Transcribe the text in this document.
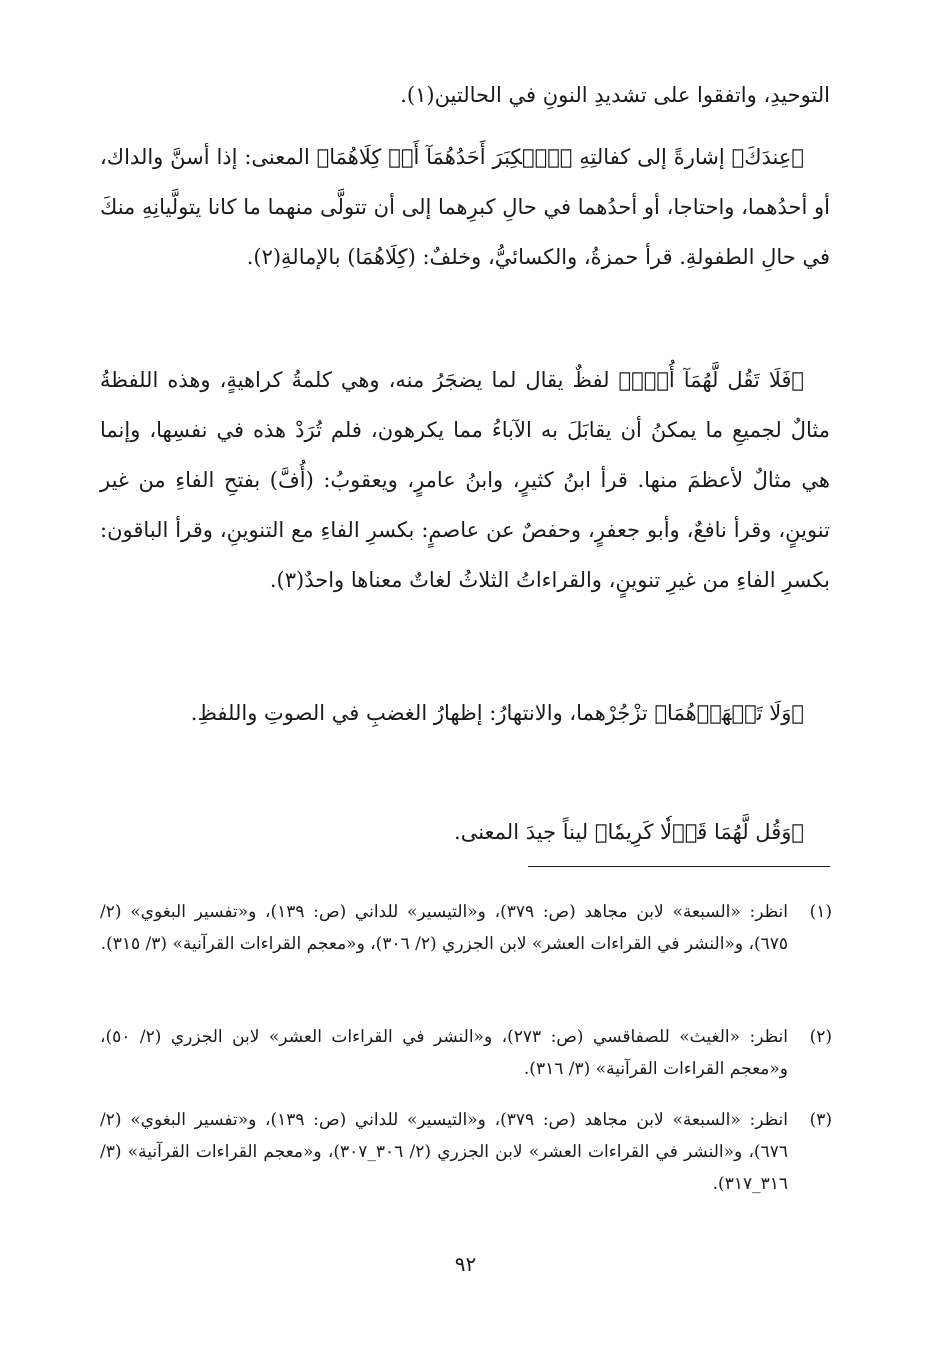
التوحيدِ، واتفقوا على تشديدِ النونِ في الحالتين(١).

﴿عِندَكَ﴾ إشارةً إلى كفالتِهِ ﴿ٱلۡكِبَرَ أَحَدُهُمَآ أَوۡ كِلَاهُمَا﴾ المعنى: إذا أسنَّ والداك، أو أحدُهما، واحتاجا، أو أحدُهما في حالِ كبرِهما إلى أن تتولَّى منهما ما كانا يتولَّيانِهِ منكَ في حالِ الطفولةِ. قرأ حمزةُ، والكسائيُّ، وخلفٌ: (كِلَاهُمَا) بالإمالةِ(٢).

﴿فَلَا تَقُل لَّهُمَآ أُفّٖ﴾ لفظٌ يقال لما يضجَرُ منه، وهي كلمةُ كراهيةٍ، وهذه اللفظةُ مثالٌ لجميعِ ما يمكنُ أن يقابَلَ به الآباءُ مما يكرهون، فلم تُرَدْ هذه في نفسِها، وإنما هي مثالٌ لأعظمَ منها. قرأ ابنُ كثيرٍ، وابنُ عامرٍ، ويعقوبُ: (أُفَّ) بفتحِ الفاءِ من غير تنوينٍ، وقرأ نافعٌ، وأبو جعفرٍ، وحفصٌ عن عاصمٍ: بكسرِ الفاءِ مع التنوينِ، وقرأ الباقون: بكسرِ الفاءِ من غيرِ تنوينٍ، والقراءاتُ الثلاثُ لغاتٌ معناها واحدٌ(٣).

﴿وَلَا تَنۡهَرۡهُمَا﴾ تزْجُرْهما، والانتهارُ: إظهارُ الغضبِ في الصوتِ واللفظِ.

﴿وَقُل لَّهُمَا قَوۡلٗا كَرِيمٗا﴾ ليناً جيدَ المعنى.

(١)
انظر: «السبعة» لابن مجاهد (ص: ٣٧٩)، و«التيسير» للداني (ص: ١٣٩)، و«تفسير البغوي» (٢/ ٦٧٥)، و«النشر في القراءات العشر» لابن الجزري (٢/ ٣٠٦)، و«معجم القراءات القرآنية» (٣/ ٣١٥).
(٢)
انظر: «الغيث» للصفاقسي (ص: ٢٧٣)، و«النشر في القراءات العشر» لابن الجزري (٢/ ٥٠)، و«معجم القراءات القرآنية» (٣/ ٣١٦).
(٣)
انظر: «السبعة» لابن مجاهد (ص: ٣٧٩)، و«التيسير» للداني (ص: ١٣٩)، و«تفسير البغوي» (٢/ ٦٧٦)، و«النشر في القراءات العشر» لابن الجزري (٢/ ٣٠٦_٣٠٧)، و«معجم القراءات القرآنية» (٣/ ٣١٦_٣١٧).
٩٢
